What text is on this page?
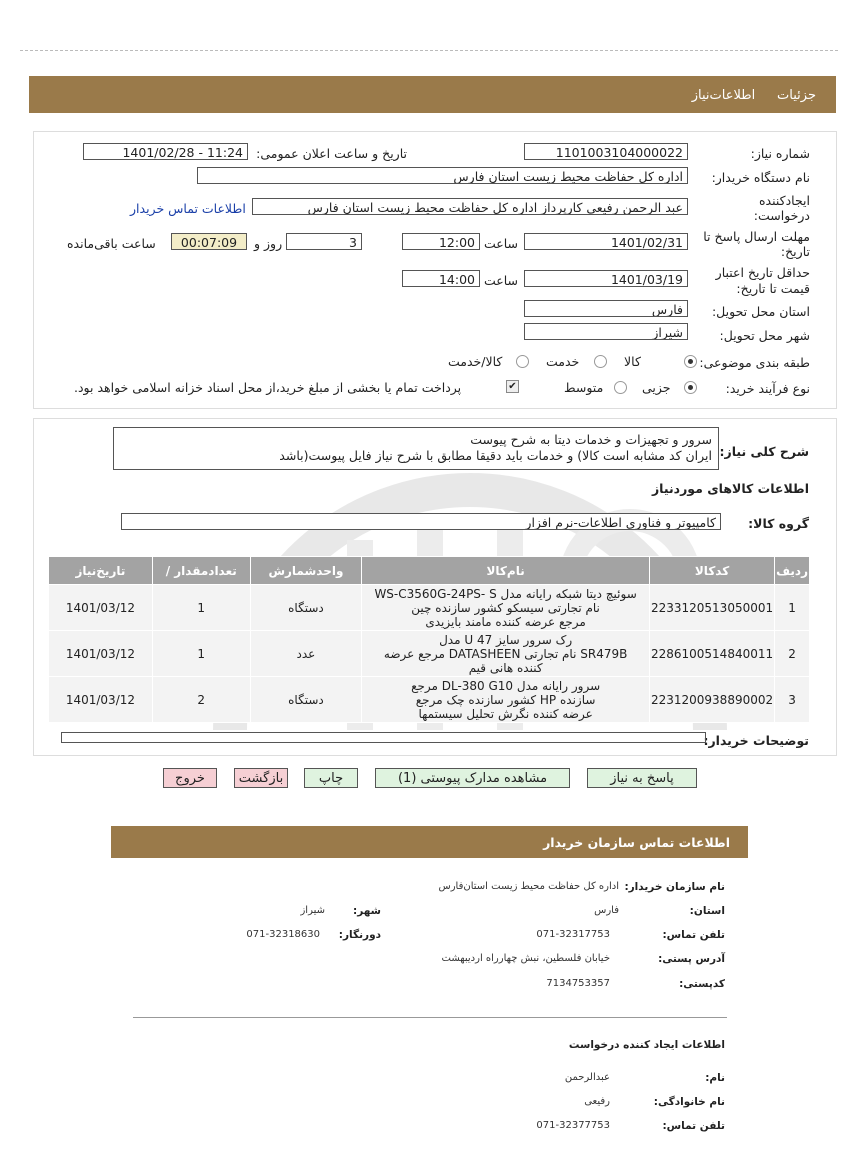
جزئیات اطلاعات‌نیاز
شماره نیاز:
1101003104000022
تاریخ و ساعت اعلان عمومی:
1401/02/28 - 11:24
نام دستگاه خریدار:
اداره کل حفاظت محیط زیست استان فارس
ایجادکننده
درخواست:
عبد الرحمن رفیعی کارپرداز اداره کل حفاظت محیط زیست استان فارس
اطلاعات تماس خریدار
مهلت ارسال پاسخ تا
تاریخ:
1401/02/31
ساعت
12:00
3
روز و
00:07:09
ساعت باقی‌مانده
حداقل تاریخ اعتبار
قیمت تا تاریخ:
1401/03/19
ساعت
14:00
استان محل تحویل:
فارس
شهر محل تحویل:
شیراز
طبقه بندی موضوعی:
کالا
خدمت
کالا/خدمت
نوع فرآیند خرید:
جزیی
متوسط
✔
پرداخت تمام یا بخشی از مبلغ خرید،از محل اسناد خزانه اسلامی خواهد بود.
سرور و تجهیزات و خدمات دیتا به شرح پیوست
ایران کد مشابه است کالا) و خدمات باید دقیقا مطابق با شرح نیاز فایل پیوست(باشد شرح کلی نیاز:
اطلاعات کالاهای موردنیاز
گروه کالا:
کامپیوتر و فناوری اطلاعات-نرم افزار
ردیف	کدکالا	نام‌کالا	واحدشمارش	تعدادمقدار /	تاریخ‌نیاز
1	2233120513050001	سوئیچ دیتا شبکه رایانه مدل WS-C3560G-24PS- S
نام تجارتی سیسکو کشور سازنده چین
مرجع عرضه کننده مامند بایزیدی	دستگاه	1	1401/03/12
2	2286100514840011	رک سرور سایز U 47 مدل
SR479B نام تجارتی DATASHEEN مرجع عرضه
کننده هانی قیم	عدد	1	1401/03/12
3	2231200938890002	سرور رایانه مدل DL-380 G10 مرجع
سازنده HP کشور سازنده چک مرجع
عرضه کننده نگرش تحلیل سیستمها	دستگاه	2	1401/03/12
توضیحات خریدار:
پاسخ به نیاز
مشاهده مدارک پیوستی (1)
چاپ
بازگشت
خروج
اطلاعات تماس سازمان خریدار
نام سازمان خریدار:
اداره کل حفاظت محیط زیست استان‌فارس
استان:
فارس
شهر:
شیراز
تلفن تماس:
071-32317753
دورنگار:
071-32318630
آدرس پستی:
خیابان فلسطین، نبش چهارراه اردیبهشت
کدپستی:
7134753357
اطلاعات ایجاد کننده درخواست
نام:
عبدالرحمن
نام خانوادگی:
رفیعی
تلفن تماس:
071-32377753
